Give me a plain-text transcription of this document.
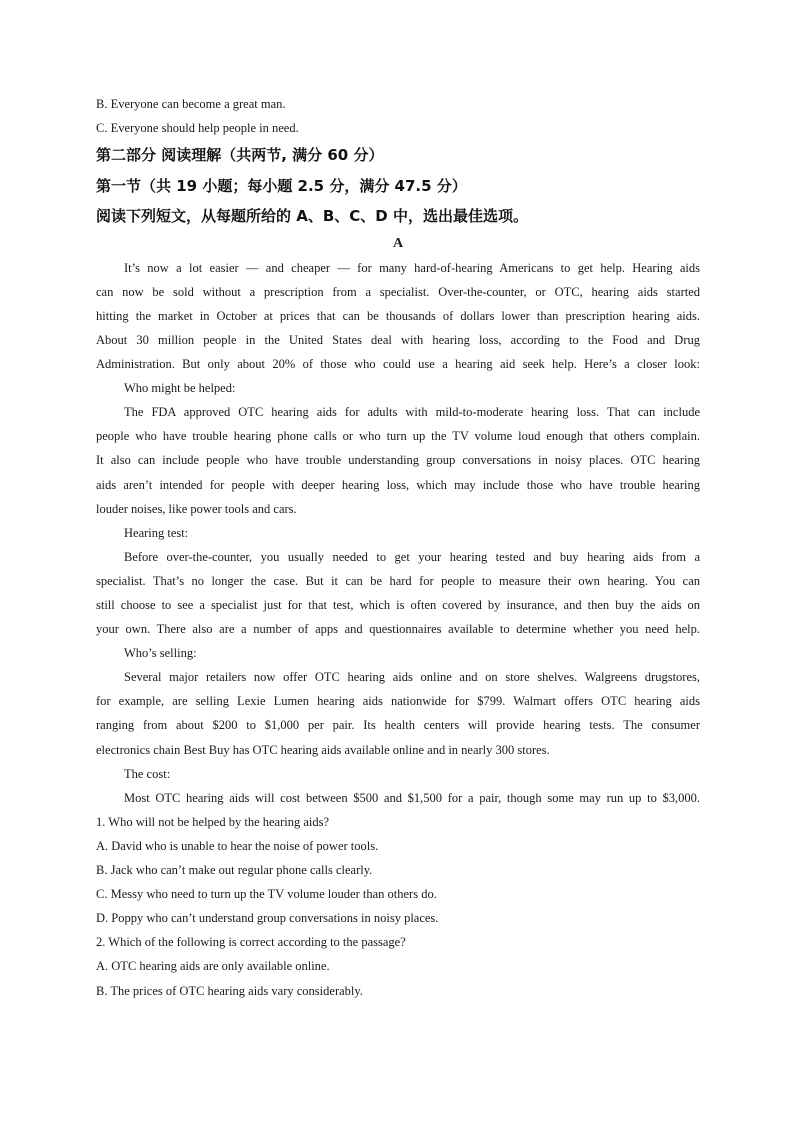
B. Everyone can become a great man.
C. Everyone should help people in need.
第二部分 阅读理解（共两节, 满分 60 分）
第一节（共 19 小题；每小题 2.5 分，满分 47.5 分）
阅读下列短文，从每题所给的 A、B、C、D 中，选出最佳选项。
A
It’s now a lot easier — and cheaper — for many hard-of-hearing Americans to get help. Hearing aids
can now be sold without a prescription from a specialist. Over-the-counter, or OTC, hearing aids started
hitting the market in October at prices that can be thousands of dollars lower than prescription hearing aids.
About 30 million people in the United States deal with hearing loss, according to the Food and Drug
Administration. But only about 20% of those who could use a hearing aid seek help. Here’s a closer look:
Who might be helped:
The FDA approved OTC hearing aids for adults with mild-to-moderate hearing loss. That can include
people who have trouble hearing phone calls or who turn up the TV volume loud enough that others complain.
It also can include people who have trouble understanding group conversations in noisy places. OTC hearing
aids aren’t intended for people with deeper hearing loss, which may include those who have trouble hearing
louder noises, like power tools and cars.
Hearing test:
Before over-the-counter, you usually needed to get your hearing tested and buy hearing aids from a
specialist. That’s no longer the case. But it can be hard for people to measure their own hearing. You can
still choose to see a specialist just for that test, which is often covered by insurance, and then buy the aids on
your own. There also are a number of apps and questionnaires available to determine whether you need help.
Who’s selling:
Several major retailers now offer OTC hearing aids online and on store shelves. Walgreens drugstores,
for example, are selling Lexie Lumen hearing aids nationwide for $799. Walmart offers OTC hearing aids
ranging from about $200 to $1,000 per pair. Its health centers will provide hearing tests. The consumer
electronics chain Best Buy has OTC hearing aids available online and in nearly 300 stores.
The cost:
Most OTC hearing aids will cost between $500 and $1,500 for a pair, though some may run up to $3,000.
1. Who will not be helped by the hearing aids?
A. David who is unable to hear the noise of power tools.
B. Jack who can’t make out regular phone calls clearly.
C. Messy who need to turn up the TV volume louder than others do.
D. Poppy who can’t understand group conversations in noisy places.
2. Which of the following is correct according to the passage?
A. OTC hearing aids are only available online.
B. The prices of OTC hearing aids vary considerably.
